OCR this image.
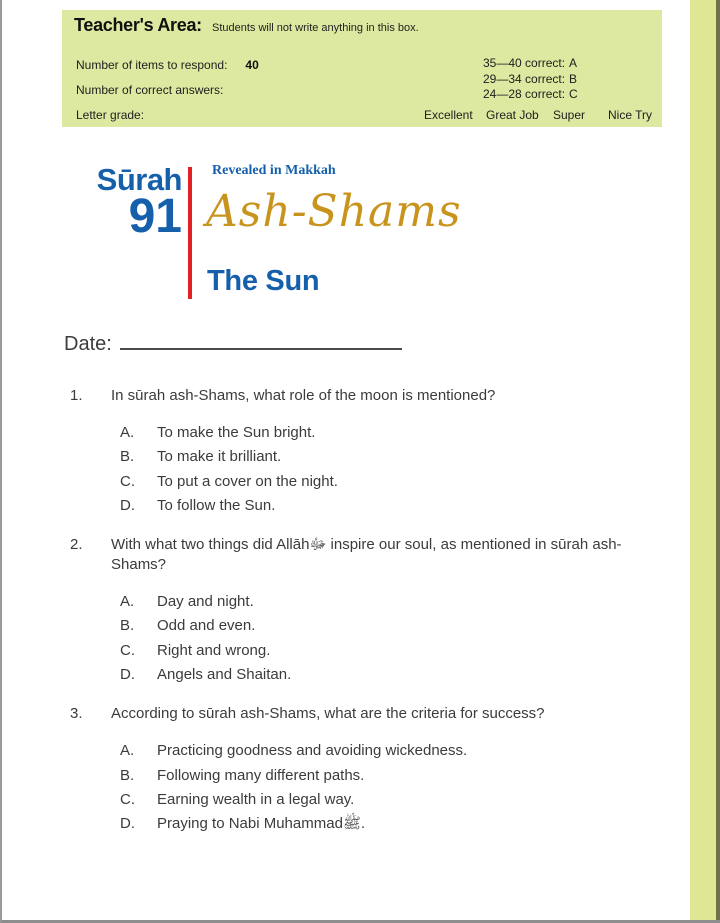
Teacher's Area: Students will not write anything in this box.
Number of items to respond: 40
Number of correct answers:
Letter grade:
35—40 correct: A
29—34 correct: B
24—28 correct: C
Excellent Great Job Super Nice Try
Sūrah
91
Revealed in Makkah
Ash-Shams
The Sun
Date:
1.	In sūrah ash-Shams, what role of the moon is mentioned?
A.	To make the Sun bright.
B.	To make it brilliant.
C.	To put a cover on the night.
D.	To follow the Sun.
2.	With what two things did Allāhﷻ inspire our soul, as mentioned in sūrah ash-Shams?
A.	Day and night.
B.	Odd and even.
C.	Right and wrong.
D.	Angels and Shaitan.
3.	According to sūrah ash-Shams, what are the criteria for success?
A.	Practicing goodness and avoiding wickedness.
B.	Following many different paths.
C.	Earning wealth in a legal way.
D.	Praying to Nabi Muhammadﷺ.
